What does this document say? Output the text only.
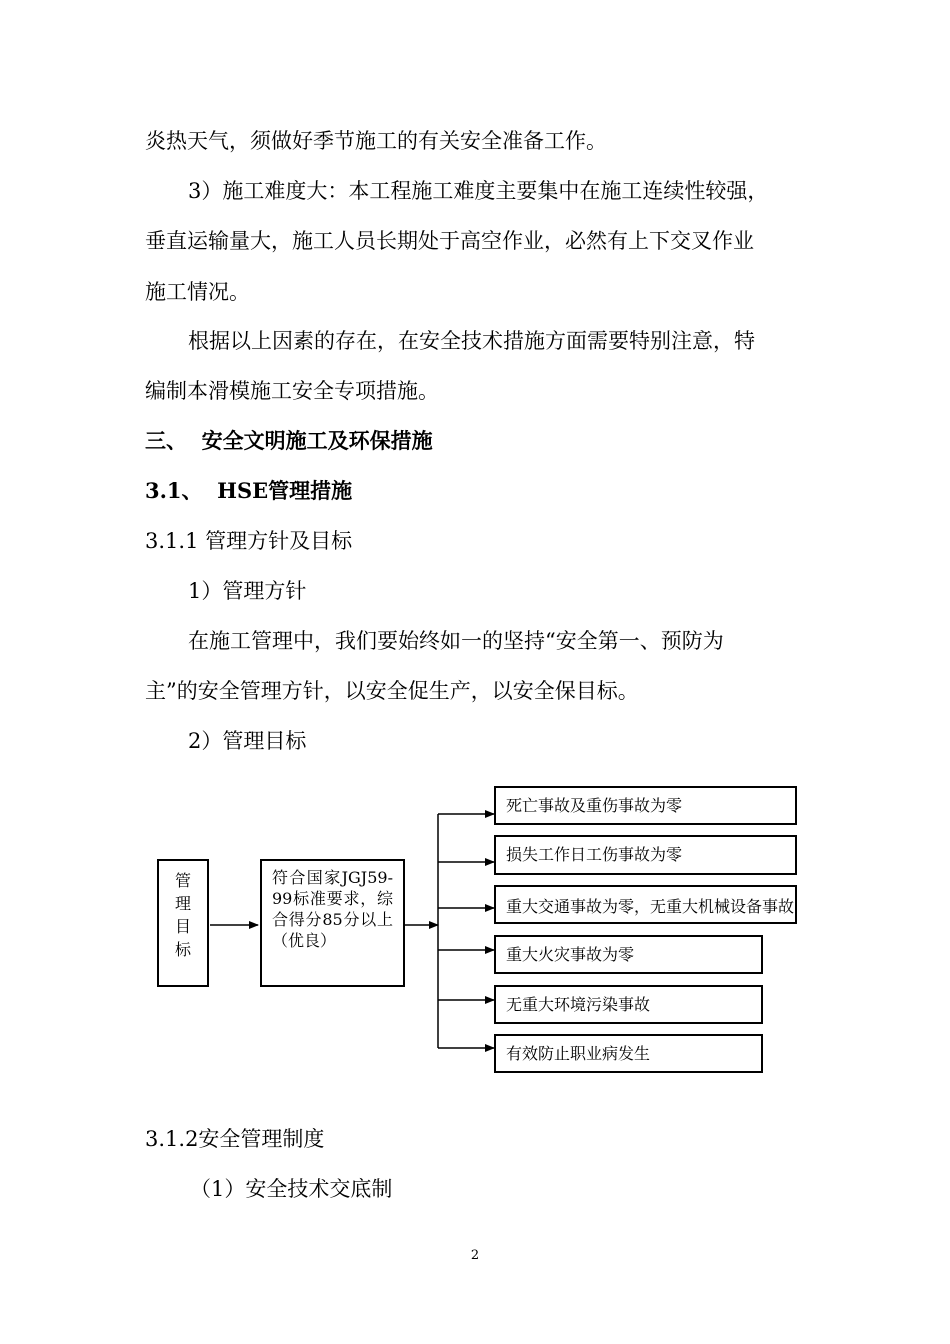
炎热天气，须做好季节施工的有关安全准备工作。

3）施工难度大：本工程施工难度主要集中在施工连续性较强，

垂直运输量大，施工人员长期处于高空作业，必然有上下交叉作业

施工情况。

根据以上因素的存在，在安全技术措施方面需要特别注意，特

编制本滑模施工安全专项措施。

三、  安全文明施工及环保措施

3.1、  HSE管理措施

3.1.1 管理方针及目标

1）管理方针

在施工管理中，我们要始终如一的坚持“安全第一、预防为

主”的安全管理方针，以安全促生产，以安全保目标。

2）管理目标

管理目标
符合国家JGJ59-99标准要求，综合得分85分以上（优良）
死亡事故及重伤事故为零
损失工作日工伤事故为零
重大交通事故为零，无重大机械设备事故
重大火灾事故为零
无重大环境污染事故
有效防止职业病发生

3.1.2安全管理制度

（1）安全技术交底制

2
